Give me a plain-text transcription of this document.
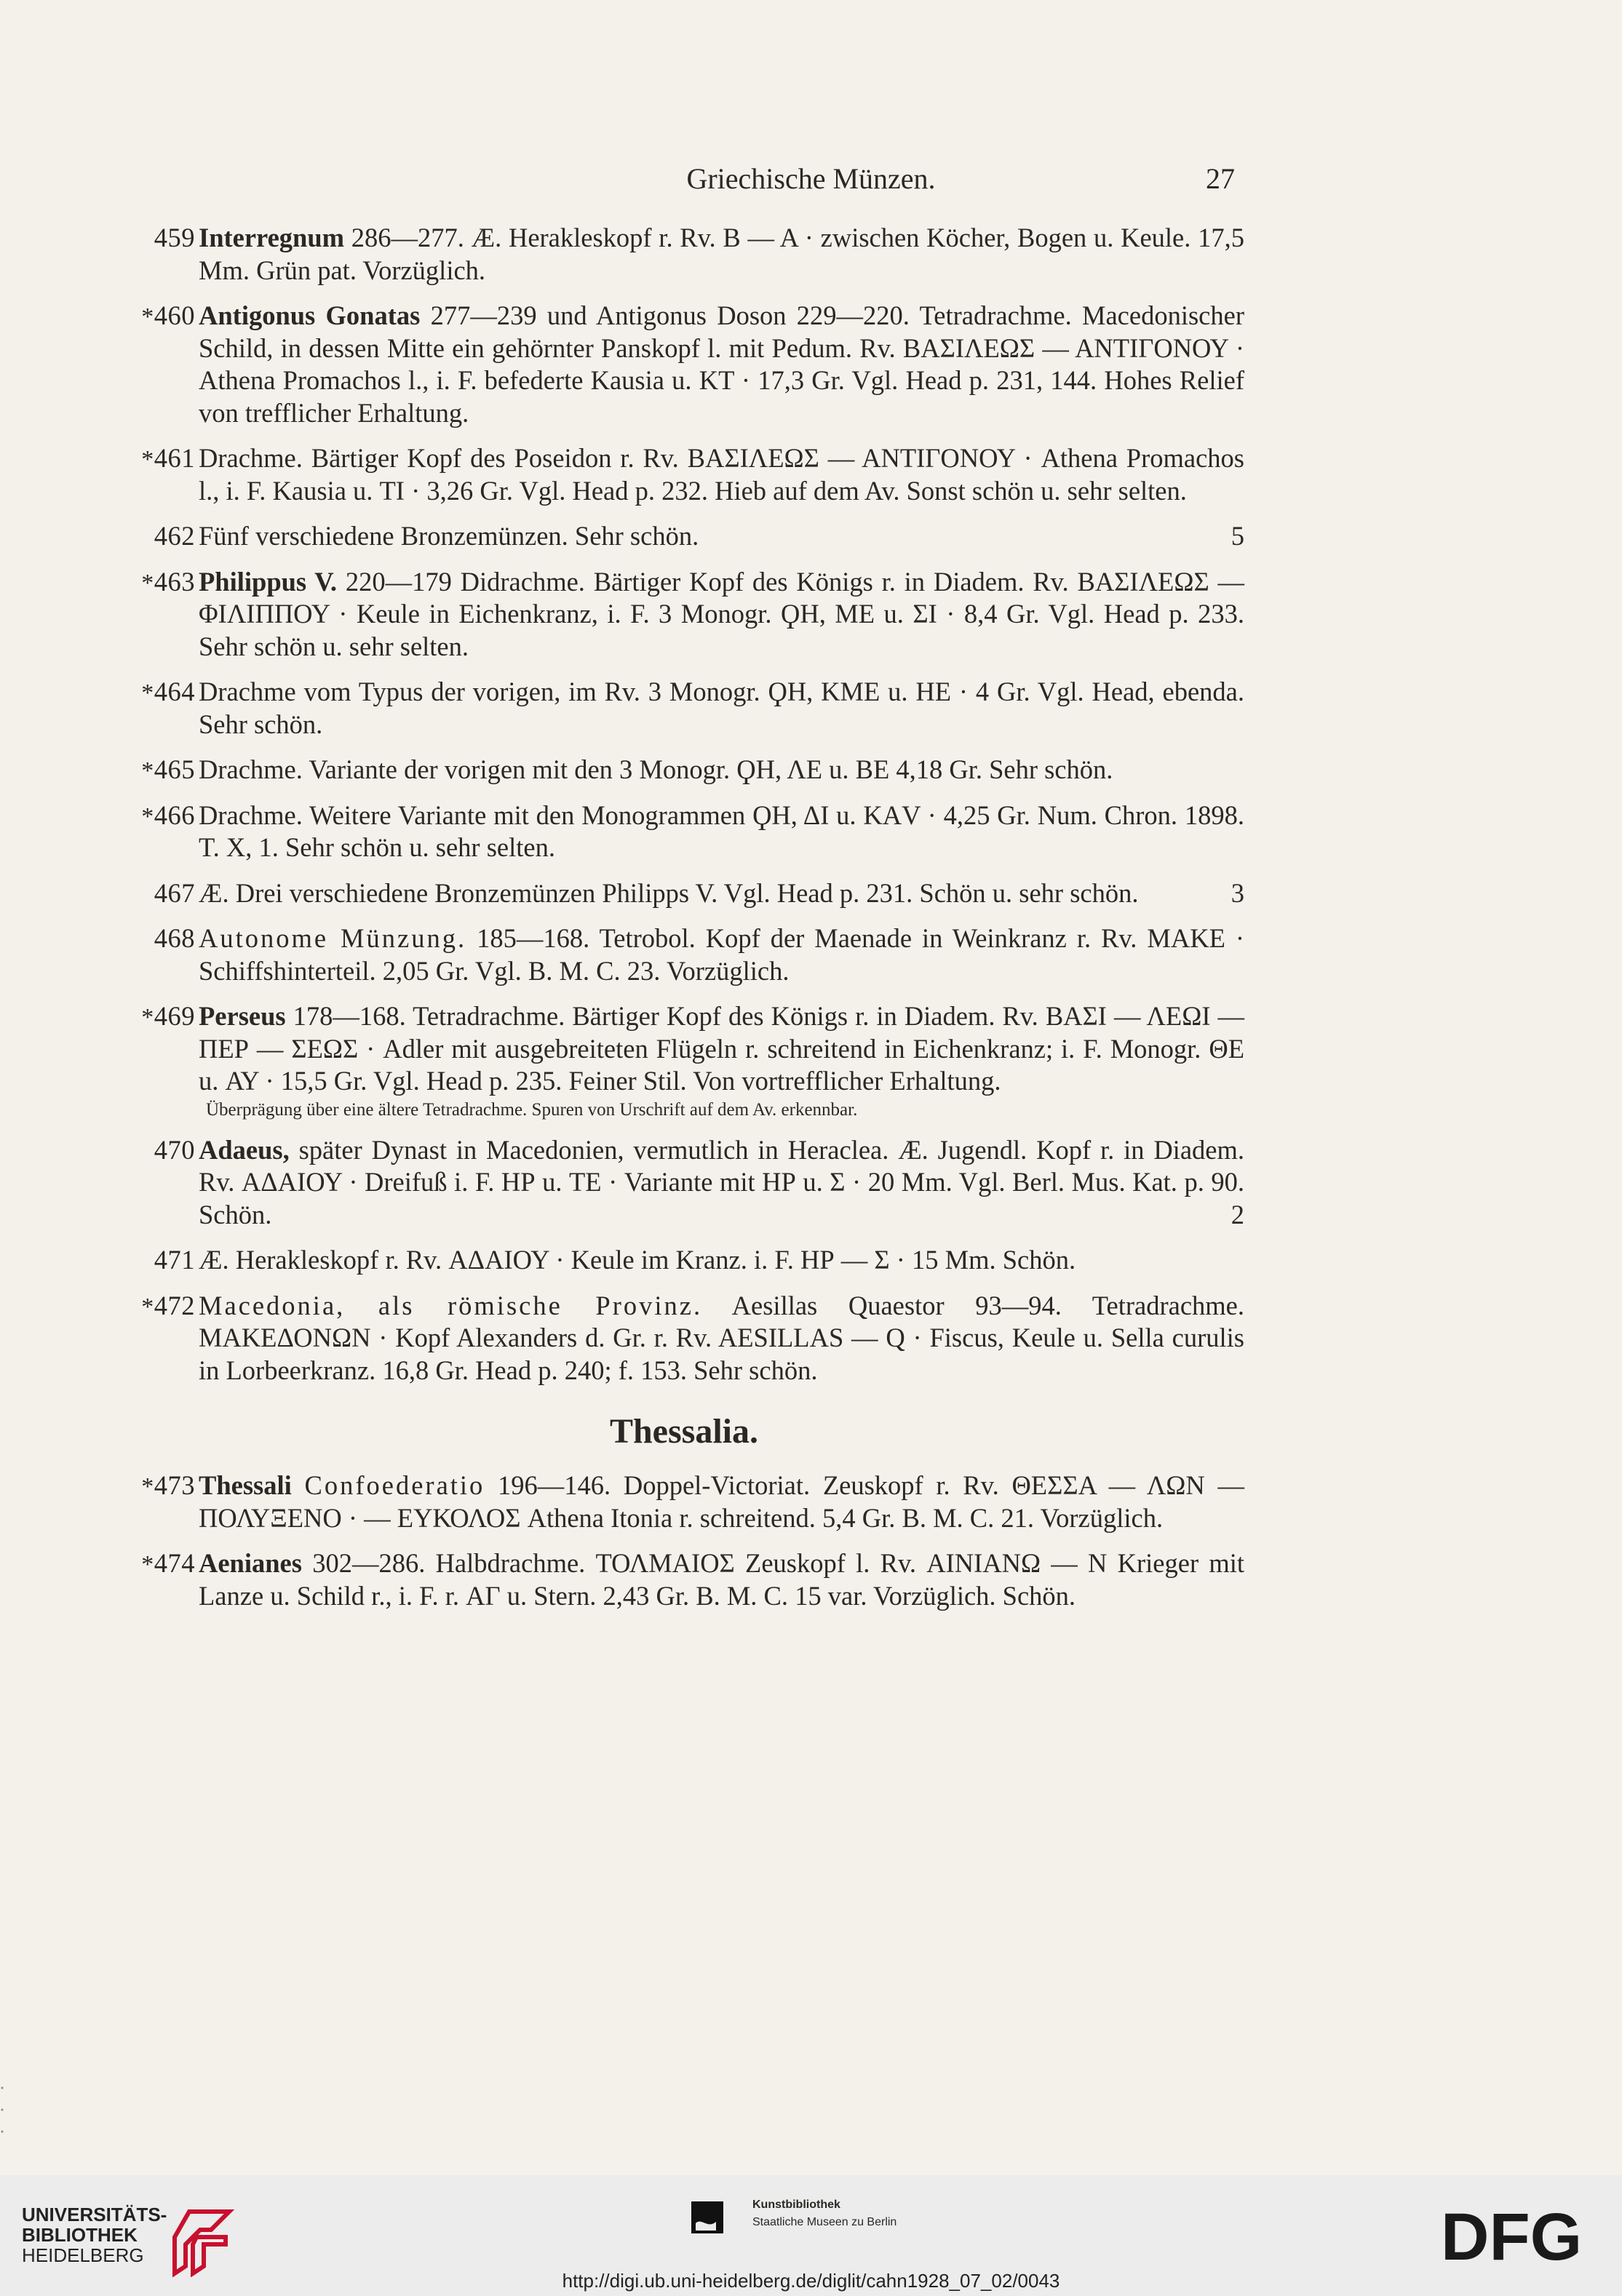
Griechische Münzen.	27
459 Interregnum 286—277. Æ. Herakleskopf r. Rv. B — A · zwischen Köcher, Bogen u. Keule. 17,5 Mm. Grün pat. Vorzüglich.
*460 Antigonus Gonatas 277—239 und Antigonus Doson 229—220. Tetradrachme. Macedonischer Schild, in dessen Mitte ein gehörnter Panskopf l. mit Pedum. Rv. ΒΑΣΙΛΕΩΣ — ΑΝΤΙΓΟΝΟΥ · Athena Promachos l., i. F. befederte Kausia u. KT · 17,3 Gr. Vgl. Head p. 231, 144. Hohes Relief von trefflicher Erhaltung.
*461 Drachme. Bärtiger Kopf des Poseidon r. Rv. ΒΑΣΙΛΕΩΣ — ΑΝΤΙΓΟΝΟΥ · Athena Promachos l., i. F. Kausia u. ΤΙ · 3,26 Gr. Vgl. Head p. 232. Hieb auf dem Av. Sonst schön u. sehr selten.
462 Fünf verschiedene Bronzemünzen. Sehr schön.	5
*463 Philippus V. 220—179 Didrachme. Bärtiger Kopf des Königs r. in Diadem. Rv. ΒΑΣΙΛΕΩΣ — ΦΙΛΙΠΠΟΥ · Keule in Eichenkranz, i. F. 3 Monogr. ϘΗ, ΜΕ u. ΣΙ · 8,4 Gr. Vgl. Head p. 233. Sehr schön u. sehr selten.
*464 Drachme vom Typus der vorigen, im Rv. 3 Monogr. ϘΗ, ΚΜΕ u. ΗΕ · 4 Gr. Vgl. Head, ebenda. Sehr schön.
*465 Drachme. Variante der vorigen mit den 3 Monogr. ϘΗ, ΛΕ u. ΒΕ 4,18 Gr. Sehr schön.
*466 Drachme. Weitere Variante mit den Monogrammen ϘΗ, ΔΙ u. ΚΑV · 4,25 Gr. Num. Chron. 1898. T. X, 1. Sehr schön u. sehr selten.
467 Æ. Drei verschiedene Bronzemünzen Philipps V. Vgl. Head p. 231. Schön u. sehr schön.	3
468 Autonome Münzung. 185—168. Tetrobol. Kopf der Maenade in Weinkranz r. Rv. MAKE · Schiffshinterteil. 2,05 Gr. Vgl. B. M. C. 23. Vorzüglich.
*469 Perseus 178—168. Tetradrachme. Bärtiger Kopf des Königs r. in Diadem. Rv. ΒΑΣΙ — ΛΕΩΙ — ΠΕΡ — ΣΕΩΣ · Adler mit ausgebreiteten Flügeln r. schreitend in Eichenkranz; i. F. Monogr. ΘΕ u. ΑΥ · 15,5 Gr. Vgl. Head p. 235. Feiner Stil. Von vortrefflicher Erhaltung.
Überprägung über eine ältere Tetradrachme. Spuren von Urschrift auf dem Av. erkennbar.
470 Adaeus, später Dynast in Macedonien, vermutlich in Heraclea. Æ. Jugendl. Kopf r. in Diadem. Rv. ΑΔΑΙΟΥ · Dreifuß i. F. ΗΡ u. ΤΕ · Variante mit ΗΡ u. Σ · 20 Mm. Vgl. Berl. Mus. Kat. p. 90. Schön.	2
471 Æ. Herakleskopf r. Rv. ΑΔΑΙΟΥ · Keule im Kranz. i. F. ΗΡ — Σ · 15 Mm. Schön.
*472 Macedonia, als römische Provinz. Aesillas Quaestor 93—94. Tetradrachme. ΜΑΚΕΔΟΝΩΝ · Kopf Alexanders d. Gr. r. Rv. AESILLAS — Q · Fiscus, Keule u. Sella curulis in Lorbeerkranz. 16,8 Gr. Head p. 240; f. 153. Sehr schön.
Thessalia.
*473 Thessali Confoederatio 196—146. Doppel-Victoriat. Zeuskopf r. Rv. ΘΕΣΣΑ — ΛΩΝ — ΠΟΛΥΞΕΝΟ · — ΕΥΚΟΛΟΣ Athena Itonia r. schreitend. 5,4 Gr. B. M. C. 21. Vorzüglich.
*474 Aenianes 302—286. Halbdrachme. ΤΟΛΜΑΙΟΣ Zeuskopf l. Rv. ΑΙΝΙΑΝΩ — Ν Krieger mit Lanze u. Schild r., i. F. r. ΑΓ u. Stern. 2,43 Gr. B. M. C. 15 var. Vorzüglich. Schön.
UNIVERSITÄTS-
BIBLIOTHEK
HEIDELBERG
Kunstbibliothek
Staatliche Museen zu Berlin	DFG
http://digi.ub.uni-heidelberg.de/diglit/cahn1928_07_02/0043
